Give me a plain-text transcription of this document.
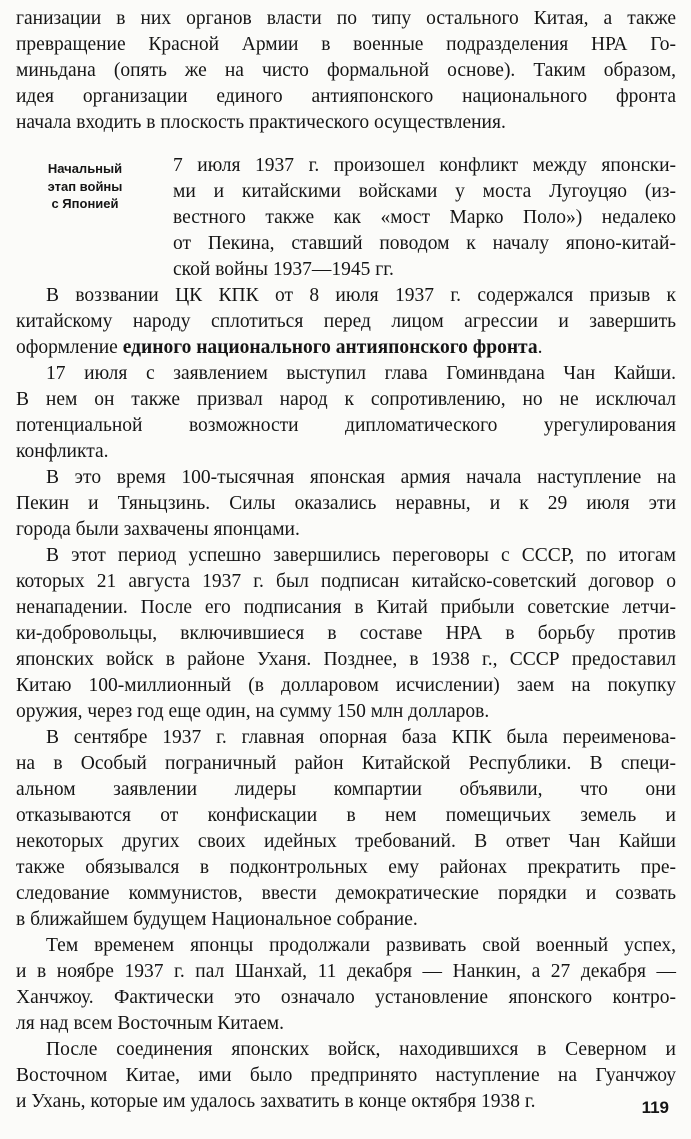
ганизации в них органов власти по типу остального Китая, а также
превращение Красной Армии в военные подразделения НРА Го-
миньдана (опять же на чисто формальной основе). Таким образом,
идея организации единого антияпонского национального фронта
начала входить в плоскость практического осуществления.
Начальный
этап войны
с Японией
7 июля 1937 г. произошел конфликт между японски-
ми и китайскими войсками у моста Лугоуцяо (из-
вестного также как «мост Марко Поло») недалеко
от Пекина, ставший поводом к началу японо-китай-
ской войны 1937—1945 гг.
В воззвании ЦК КПК от 8 июля 1937 г. содержался призыв к
китайскому народу сплотиться перед лицом агрессии и завершить
оформление единого национального антияпонского фронта.
17 июля с заявлением выступил глава Гоминвдана Чан Кайши.
В нем он также призвал народ к сопротивлению, но не исключал
потенциальной возможности дипломатического урегулирования
конфликта.
В это время 100-тысячная японская армия начала наступление на
Пекин и Тяньцзинь. Силы оказались неравны, и к 29 июля эти
города были захвачены японцами.
В этот период успешно завершились переговоры с СССР, по итогам
которых 21 августа 1937 г. был подписан китайско-советский договор о
ненападении. После его подписания в Китай прибыли советские летчи-
ки-добровольцы, включившиеся в составе НРА в борьбу против
японских войск в районе Уханя. Позднее, в 1938 г., СССР предоставил
Китаю 100-миллионный (в долларовом исчислении) заем на покупку
оружия, через год еще один, на сумму 150 млн долларов.
В сентябре 1937 г. главная опорная база КПК была переименова-
на в Особый пограничный район Китайской Республики. В специ-
альном заявлении лидеры компартии объявили, что они
отказываются от конфискации в нем помещичьих земель и
некоторых других своих идейных требований. В ответ Чан Кайши
также обязывался в подконтрольных ему районах прекратить пре-
следование коммунистов, ввести демократические порядки и созвать
в ближайшем будущем Национальное собрание.
Тем временем японцы продолжали развивать свой военный успех,
и в ноябре 1937 г. пал Шанхай, 11 декабря — Нанкин, а 27 декабря —
Ханчжоу. Фактически это означало установление японского контро-
ля над всем Восточным Китаем.
После соединения японских войск, находившихся в Северном и
Восточном Китае, ими было предпринято наступление на Гуанчжоу
и Ухань, которые им удалось захватить в конце октября 1938 г.	119
